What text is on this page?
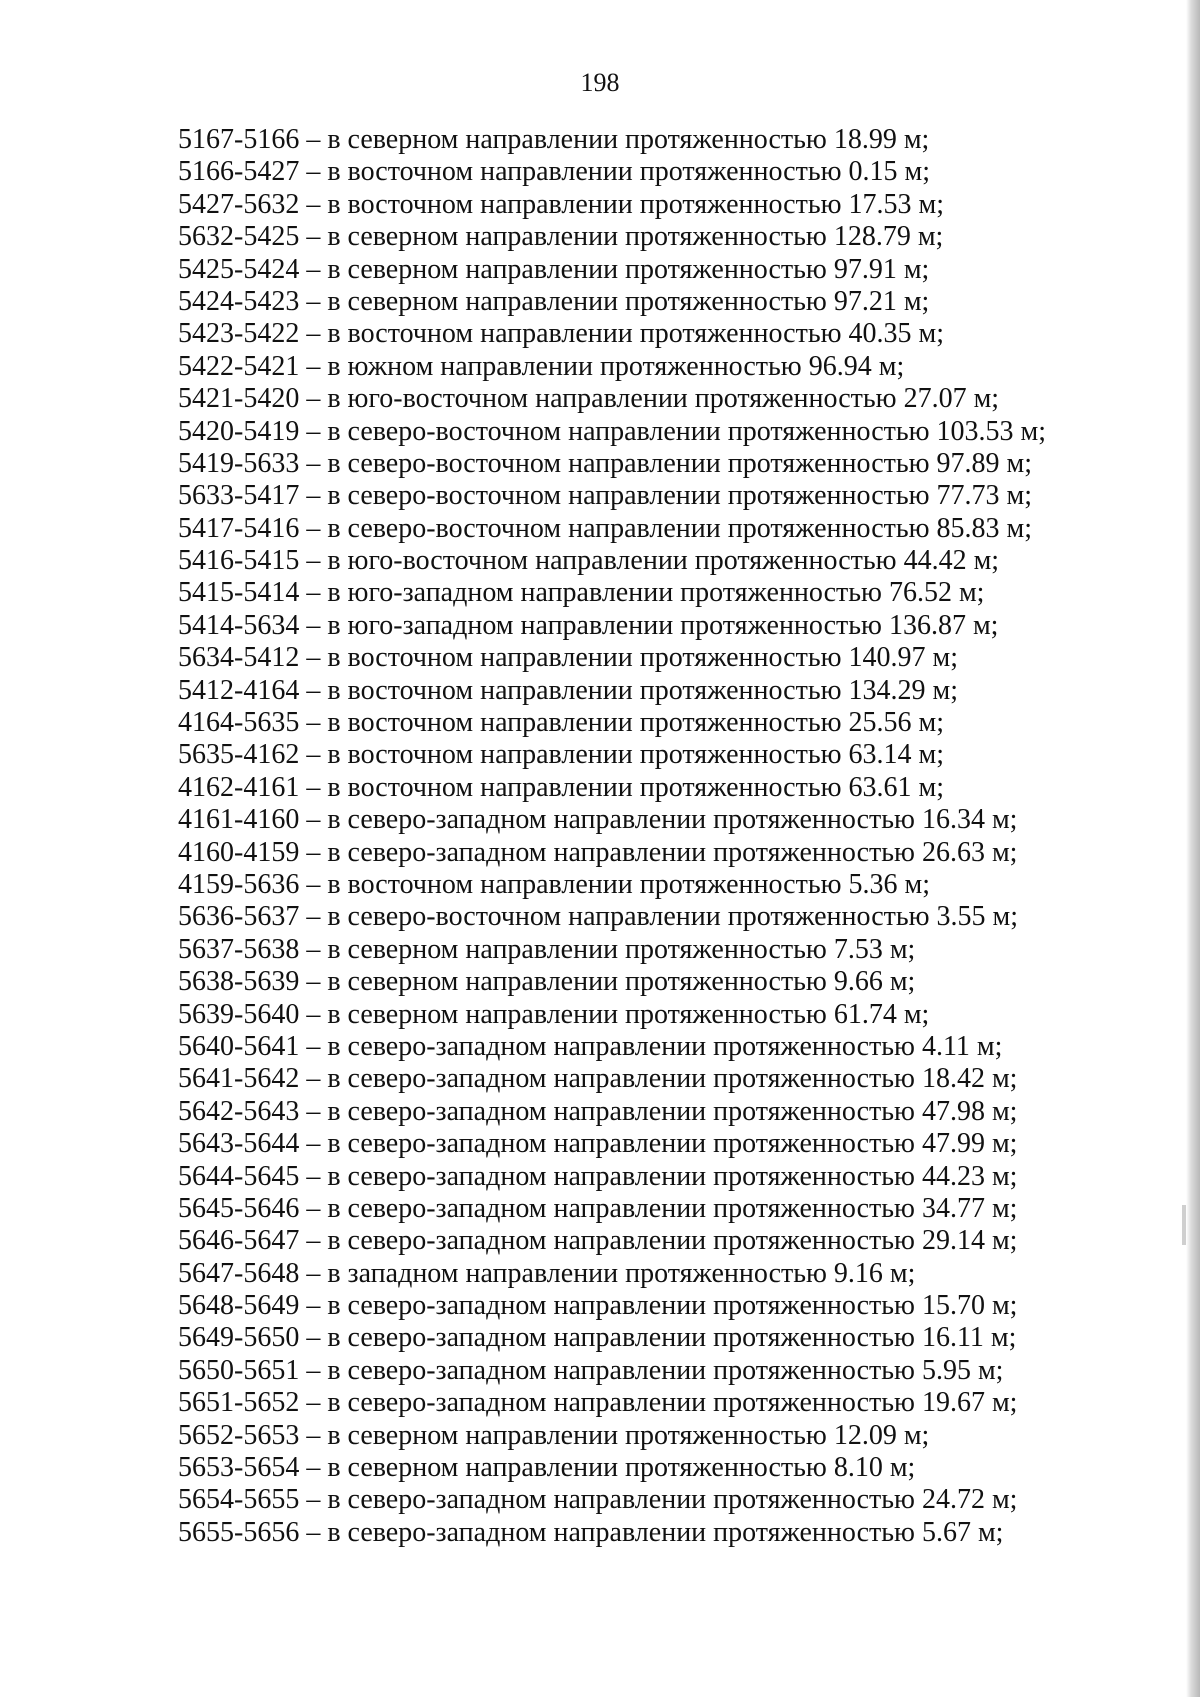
198
5167-5166 – в северном направлении протяженностью 18.99 м;
5166-5427 – в восточном направлении протяженностью 0.15 м;
5427-5632 – в восточном направлении протяженностью 17.53 м;
5632-5425 – в северном направлении протяженностью 128.79 м;
5425-5424 – в северном направлении протяженностью 97.91 м;
5424-5423 – в северном направлении протяженностью 97.21 м;
5423-5422 – в восточном направлении протяженностью 40.35 м;
5422-5421 – в южном направлении протяженностью 96.94 м;
5421-5420 – в юго-восточном направлении протяженностью 27.07 м;
5420-5419 – в северо-восточном направлении протяженностью 103.53 м;
5419-5633 – в северо-восточном направлении протяженностью 97.89 м;
5633-5417 – в северо-восточном направлении протяженностью 77.73 м;
5417-5416 – в северо-восточном направлении протяженностью 85.83 м;
5416-5415 – в юго-восточном направлении протяженностью 44.42 м;
5415-5414 – в юго-западном направлении протяженностью 76.52 м;
5414-5634 – в юго-западном направлении протяженностью 136.87 м;
5634-5412 – в восточном направлении протяженностью 140.97 м;
5412-4164 – в восточном направлении протяженностью 134.29 м;
4164-5635 – в восточном направлении протяженностью 25.56 м;
5635-4162 – в восточном направлении протяженностью 63.14 м;
4162-4161 – в восточном направлении протяженностью 63.61 м;
4161-4160 – в северо-западном направлении протяженностью 16.34 м;
4160-4159 – в северо-западном направлении протяженностью 26.63 м;
4159-5636 – в восточном направлении протяженностью 5.36 м;
5636-5637 – в северо-восточном направлении протяженностью 3.55 м;
5637-5638 – в северном направлении протяженностью 7.53 м;
5638-5639 – в северном направлении протяженностью 9.66 м;
5639-5640 – в северном направлении протяженностью 61.74 м;
5640-5641 – в северо-западном направлении протяженностью 4.11 м;
5641-5642 – в северо-западном направлении протяженностью 18.42 м;
5642-5643 – в северо-западном направлении протяженностью 47.98 м;
5643-5644 – в северо-западном направлении протяженностью 47.99 м;
5644-5645 – в северо-западном направлении протяженностью 44.23 м;
5645-5646 – в северо-западном направлении протяженностью 34.77 м;
5646-5647 – в северо-западном направлении протяженностью 29.14 м;
5647-5648 – в западном направлении протяженностью 9.16 м;
5648-5649 – в северо-западном направлении протяженностью 15.70 м;
5649-5650 – в северо-западном направлении протяженностью 16.11 м;
5650-5651 – в северо-западном направлении протяженностью 5.95 м;
5651-5652 – в северо-западном направлении протяженностью 19.67 м;
5652-5653 – в северном направлении протяженностью 12.09 м;
5653-5654 – в северном направлении протяженностью 8.10 м;
5654-5655 – в северо-западном направлении протяженностью 24.72 м;
5655-5656 – в северо-западном направлении протяженностью 5.67 м;
